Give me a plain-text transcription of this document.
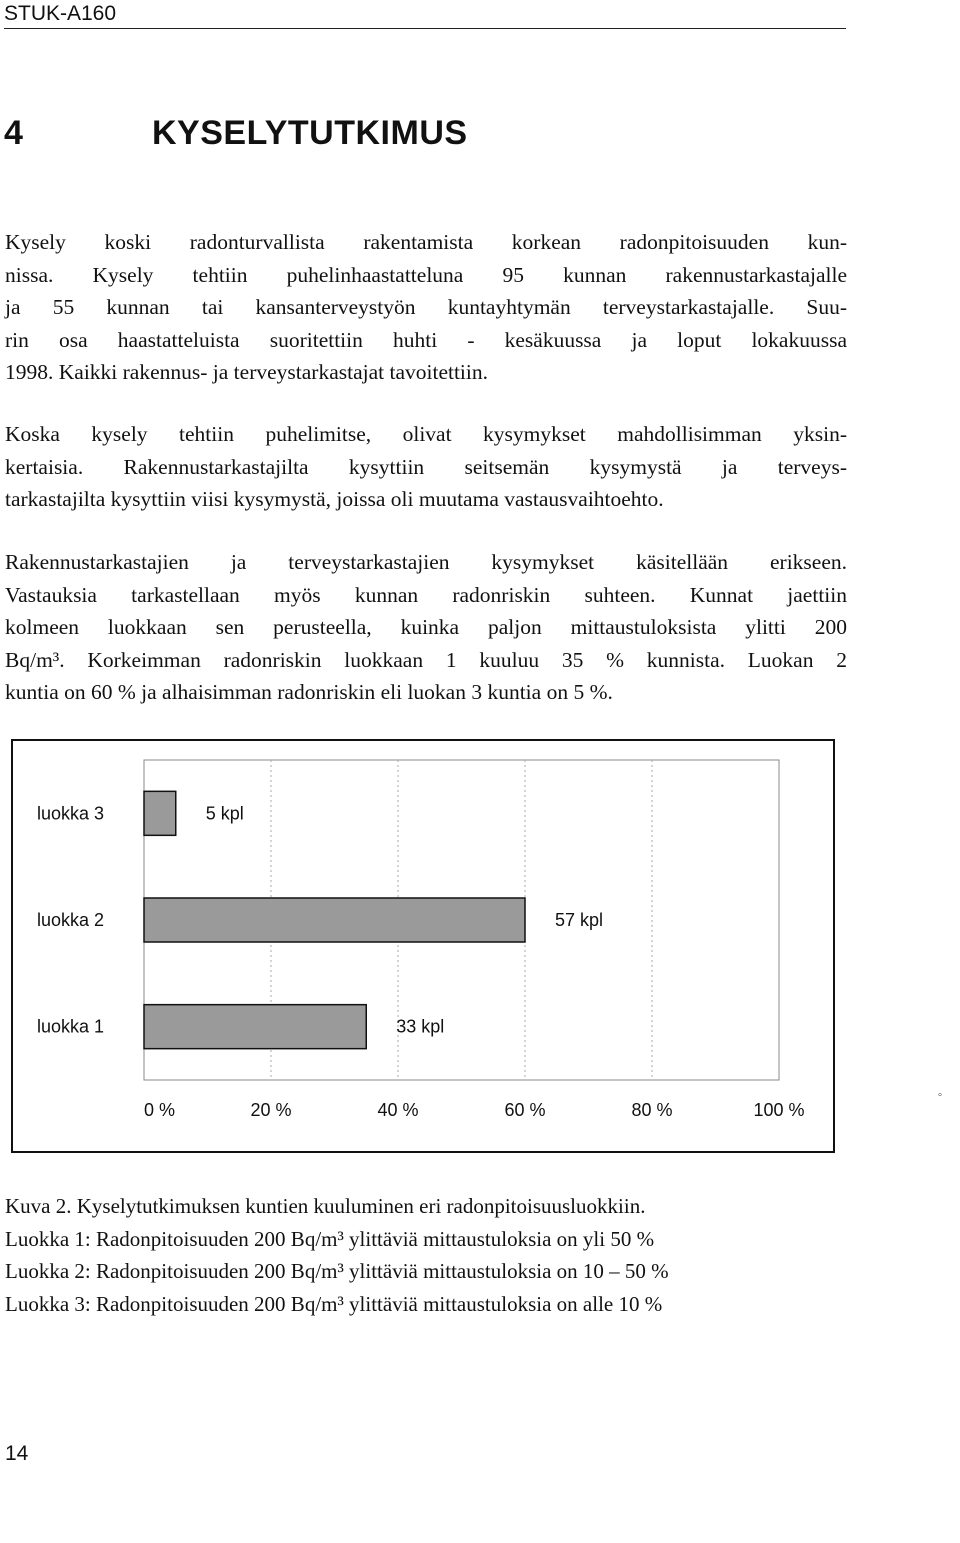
STUK-A160
4	KYSELYTUTKIMUS
Kysely koski radonturvallista rakentamista korkean radonpitoisuuden kun-
nissa. Kysely tehtiin puhelinhaastatteluna 95 kunnan rakennustarkastajalle
ja 55 kunnan tai kansanterveystyön kuntayhtymän terveystarkastajalle. Suu-
rin osa haastatteluista suoritettiin huhti - kesäkuussa ja loput lokakuussa
1998. Kaikki rakennus- ja terveystarkastajat tavoitettiin.
Koska kysely tehtiin puhelimitse, olivat kysymykset mahdollisimman yksin-
kertaisia. Rakennustarkastajilta kysyttiin seitsemän kysymystä ja terveys-
tarkastajilta kysyttiin viisi kysymystä, joissa oli muutama vastausvaihtoehto.
Rakennustarkastajien ja terveystarkastajien kysymykset käsitellään erikseen.
Vastauksia tarkastellaan myös kunnan radonriskin suhteen. Kunnat jaettiin
kolmeen luokkaan sen perusteella, kuinka paljon mittaustuloksista ylitti 200
Bq/m³. Korkeimman radonriskin luokkaan 1 kuuluu 35 % kunnista. Luokan 2
kuntia on 60 % ja alhaisimman radonriskin eli luokan 3 kuntia on 5 %.
luokka 3
luokka 2
luokka 1
5 kpl
57 kpl
33 kpl
0 %	20 %	40 %	60 %	80 %	100 %
Kuva 2. Kyselytutkimuksen kuntien kuuluminen eri radonpitoisuusluokkiin.
Luokka 1: Radonpitoisuuden 200 Bq/m³ ylittäviä mittaustuloksia on yli 50 %
Luokka 2: Radonpitoisuuden 200 Bq/m³ ylittäviä mittaustuloksia on 10 – 50 %
Luokka 3: Radonpitoisuuden 200 Bq/m³ ylittäviä mittaustuloksia on alle 10 %
14
°
